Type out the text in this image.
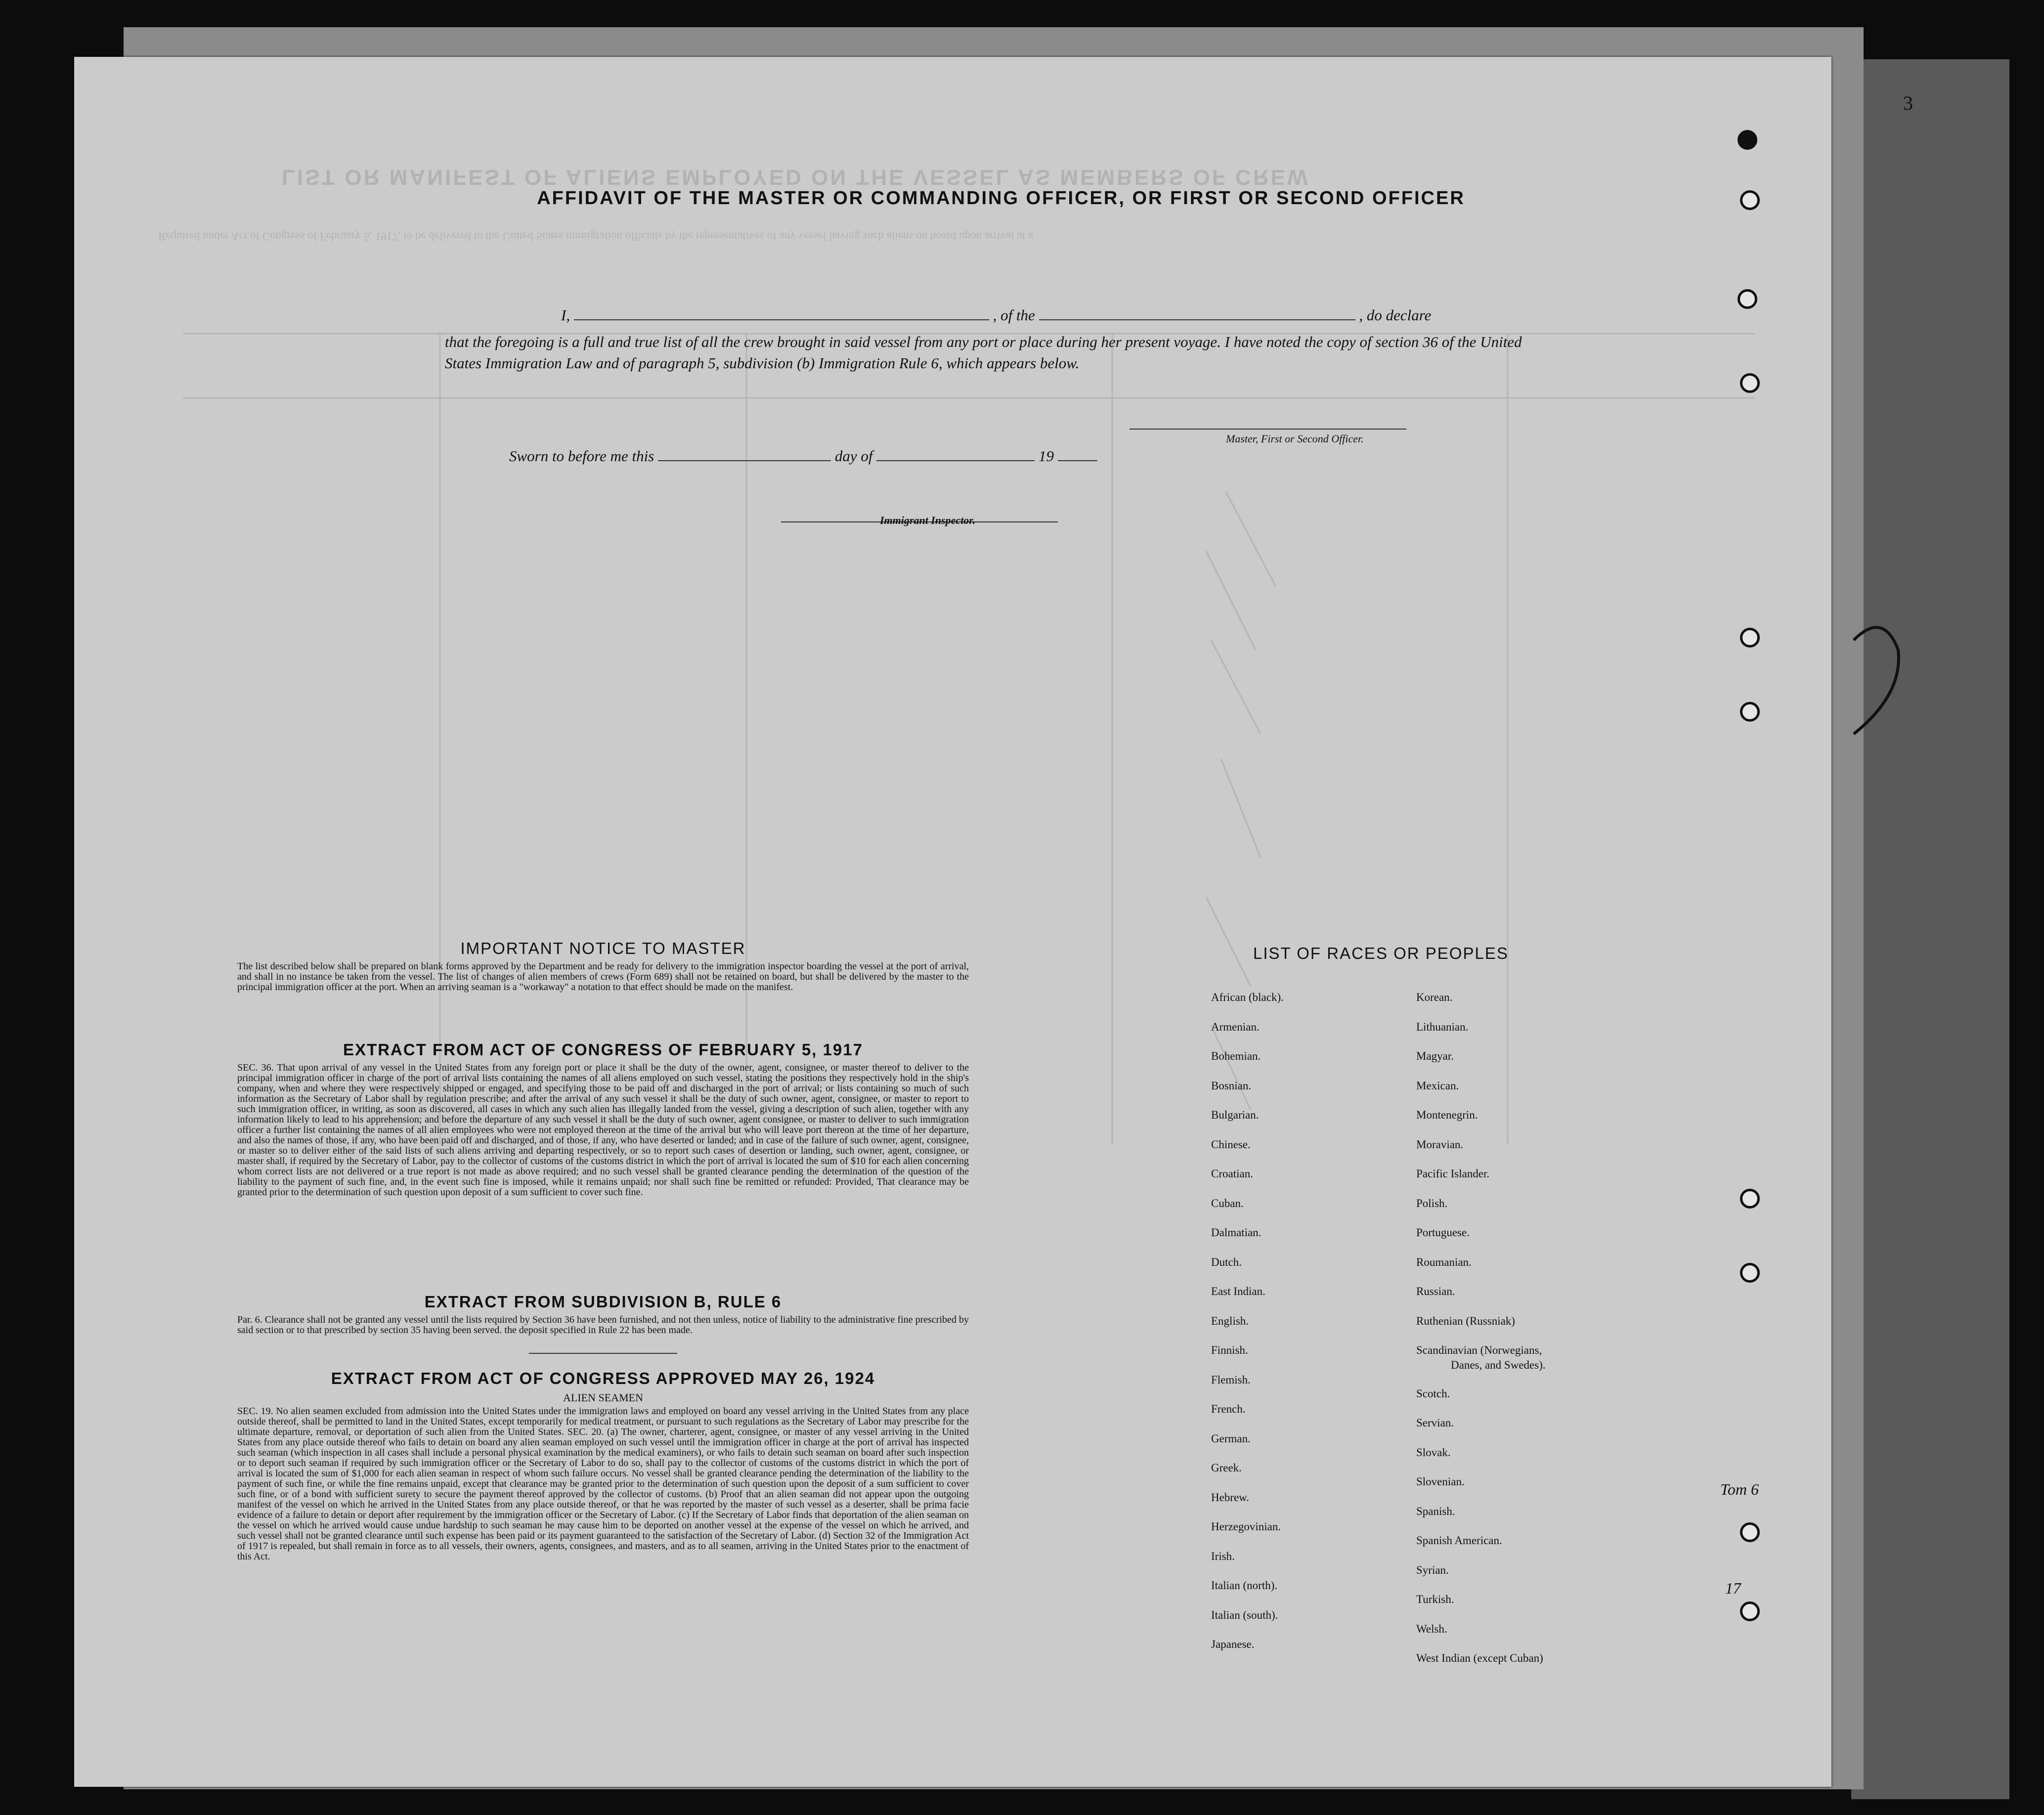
LIST OR MANIFEST OF ALIENS EMPLOYED ON THE VESSEL AS MEMBERS OF CREW
Required under Act of Congress of February 5, 1917, to be delivered to the United States immigration officials by the representatives of any vessel having such aliens on board upon arrival at a
AFFIDAVIT OF THE MASTER OR COMMANDING OFFICER, OR FIRST OR SECOND OFFICER
I,	, of the	, do declare
that the foregoing is a full and true list of all the crew brought in said vessel from any port or place during her present voyage. I have noted the copy of section 36 of the United States Immigration Law and of paragraph 5, subdivision (b) Immigration Rule 6, which appears below.
Master, First or Second Officer.
Sworn to before me this	day of	19
Immigrant Inspector.
IMPORTANT NOTICE TO MASTER
The list described below shall be prepared on blank forms approved by the Department and be ready for delivery to the immigration inspector boarding the vessel at the port of arrival, and shall in no instance be taken from the vessel. The list of changes of alien members of crews (Form 689) shall not be retained on board, but shall be delivered by the master to the principal immigration officer at the port. When an arriving seaman is a "workaway" a notation to that effect should be made on the manifest.
EXTRACT FROM ACT OF CONGRESS OF FEBRUARY 5, 1917
SEC. 36. That upon arrival of any vessel in the United States from any foreign port or place it shall be the duty of the owner, agent, consignee, or master thereof to deliver to the principal immigration officer in charge of the port of arrival lists containing the names of all aliens employed on such vessel, stating the positions they respectively hold in the ship's company, when and where they were respectively shipped or engaged, and specifying those to be paid off and discharged in the port of arrival; or lists containing so much of such information as the Secretary of Labor shall by regulation prescribe; and after the arrival of any such vessel it shall be the duty of such owner, agent, consignee, or master to report to such immigration officer, in writing, as soon as discovered, all cases in which any such alien has illegally landed from the vessel, giving a description of such alien, together with any information likely to lead to his apprehension; and before the departure of any such vessel it shall be the duty of such owner, agent consignee, or master to deliver to such immigration officer a further list containing the names of all alien employees who were not employed thereon at the time of the arrival but who will leave port thereon at the time of her departure, and also the names of those, if any, who have been paid off and discharged, and of those, if any, who have deserted or landed; and in case of the failure of such owner, agent, consignee, or master so to deliver either of the said lists of such aliens arriving and departing respectively, or so to report such cases of desertion or landing, such owner, agent, consignee, or master shall, if required by the Secretary of Labor, pay to the collector of customs of the customs district in which the port of arrival is located the sum of $10 for each alien concerning whom correct lists are not delivered or a true report is not made as above required; and no such vessel shall be granted clearance pending the determination of the question of the liability to the payment of such fine, and, in the event such fine is imposed, while it remains unpaid; nor shall such fine be remitted or refunded: Provided, That clearance may be granted prior to the determination of such question upon deposit of a sum sufficient to cover such fine.
EXTRACT FROM SUBDIVISION B, RULE 6
Par. 6. Clearance shall not be granted any vessel until the lists required by Section 36 have been furnished, and not then unless, notice of liability to the administrative fine prescribed by said section or to that prescribed by section 35 having been served. the deposit specified in Rule 22 has been made.
EXTRACT FROM ACT OF CONGRESS APPROVED MAY 26, 1924
ALIEN SEAMEN
SEC. 19. No alien seamen excluded from admission into the United States under the immigration laws and employed on board any vessel arriving in the United States from any place outside thereof, shall be permitted to land in the United States, except temporarily for medical treatment, or pursuant to such regulations as the Secretary of Labor may prescribe for the ultimate departure, removal, or deportation of such alien from the United States. SEC. 20. (a) The owner, charterer, agent, consignee, or master of any vessel arriving in the United States from any place outside thereof who fails to detain on board any alien seaman employed on such vessel until the immigration officer in charge at the port of arrival has inspected such seaman (which inspection in all cases shall include a personal physical examination by the medical examiners), or who fails to detain such seaman on board after such inspection or to deport such seaman if required by such immigration officer or the Secretary of Labor to do so, shall pay to the collector of customs of the customs district in which the port of arrival is located the sum of $1,000 for each alien seaman in respect of whom such failure occurs. No vessel shall be granted clearance pending the determination of the liability to the payment of such fine, or while the fine remains unpaid, except that clearance may be granted prior to the determination of such question upon the deposit of a sum sufficient to cover such fine, or of a bond with sufficient surety to secure the payment thereof approved by the collector of customs. (b) Proof that an alien seaman did not appear upon the outgoing manifest of the vessel on which he arrived in the United States from any place outside thereof, or that he was reported by the master of such vessel as a deserter, shall be prima facie evidence of a failure to detain or deport after requirement by the immigration officer or the Secretary of Labor. (c) If the Secretary of Labor finds that deportation of the alien seaman on the vessel on which he arrived would cause undue hardship to such seaman he may cause him to be deported on another vessel at the expense of the vessel on which he arrived, and such vessel shall not be granted clearance until such expense has been paid or its payment guaranteed to the satisfaction of the Secretary of Labor. (d) Section 32 of the Immigration Act of 1917 is repealed, but shall remain in force as to all vessels, their owners, agents, consignees, and masters, and as to all seamen, arriving in the United States prior to the enactment of this Act.
LIST OF RACES OR PEOPLES
3
Tom 6
17
African (black).
Armenian.
Bohemian.
Bosnian.
Bulgarian.
Chinese.
Croatian.
Cuban.
Dalmatian.
Dutch.
East Indian.
English.
Finnish.
Flemish.
French.
German.
Greek.
Hebrew.
Herzegovinian.
Irish.
Italian (north).
Italian (south).
Japanese.
Korean.
Lithuanian.
Magyar.
Mexican.
Montenegrin.
Moravian.
Pacific Islander.
Polish.
Portuguese.
Roumanian.
Russian.
Ruthenian (Russniak)
Scandinavian (Norwegians,
Scotch.
Servian.
Slovak.
Slovenian.
Spanish.
Spanish American.
Syrian.
Turkish.
Welsh.
West Indian (except Cuban)
Danes, and Swedes).
